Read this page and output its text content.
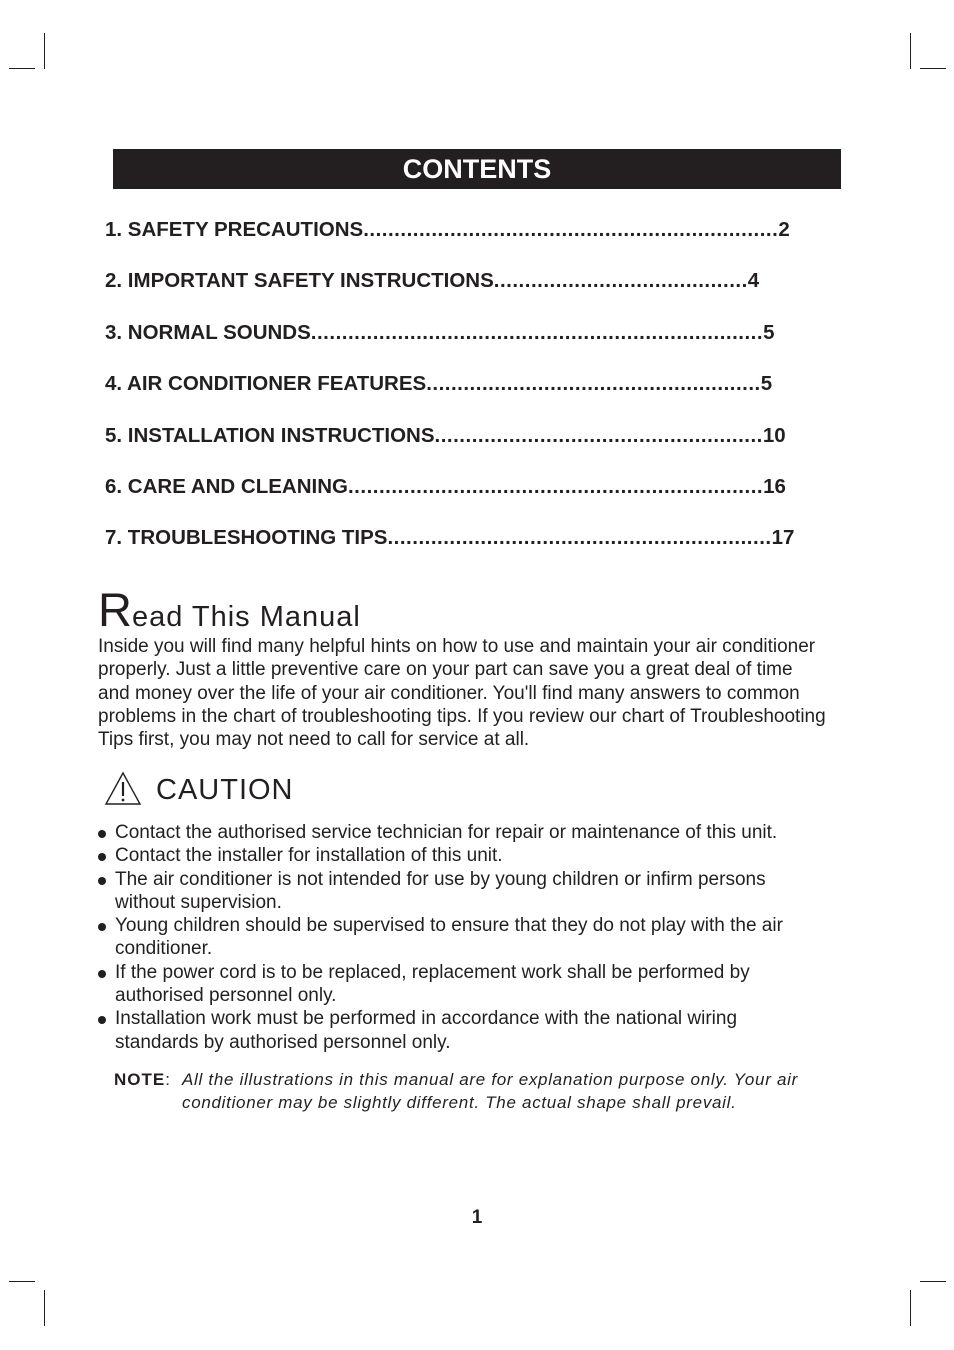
CONTENTS
1. SAFETY PRECAUTIONS ................................................................... 2
2. IMPORTANT SAFETY INSTRUCTIONS ......................................... 4
3. NORMAL SOUNDS ......................................................................... 5
4. AIR CONDITIONER FEATURES ...................................................... 5
5. INSTALLATION INSTRUCTIONS ..................................................... 10
6. CARE AND CLEANING ................................................................... 16
7. TROUBLESHOOTING TIPS .............................................................. 17
Read This Manual
Inside you will find many helpful hints on how to use and maintain your air conditioner
properly. Just a little preventive care on your part can save you a great deal of time
and money over the life of your air conditioner. You'll find many answers to common
problems in the chart of troubleshooting tips. If you review our chart of Troubleshooting
Tips first, you may not need to call for service at all.
CAUTION
Contact the authorised service technician for repair or maintenance of this unit.
Contact the installer for installation of this unit.
The air conditioner is not intended for use by young children or infirm persons
without supervision.
Young children should be supervised to ensure that they do not play with the air
conditioner.
If the power cord is to be replaced, replacement work shall be performed by
authorised personnel only.
Installation work must be performed in accordance with the national wiring
standards by authorised personnel only.
NOTE: All the illustrations in this manual are for explanation purpose only. Your air
conditioner may be slightly different. The actual shape shall prevail.
1
